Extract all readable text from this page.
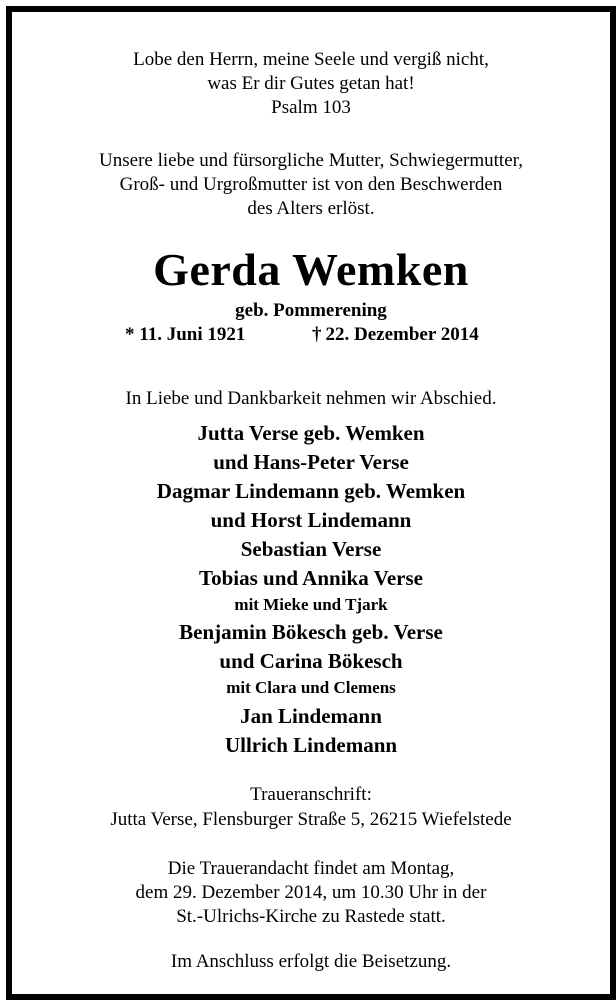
Lobe den Herrn, meine Seele und vergiß nicht,
was Er dir Gutes getan hat!
Psalm 103
Unsere liebe und fürsorgliche Mutter, Schwiegermutter,
Groß- und Urgroßmutter ist von den Beschwerden
des Alters erlöst.
Gerda Wemken
geb. Pommerening
* 11. Juni 1921	† 22. Dezember 2014
In Liebe und Dankbarkeit nehmen wir Abschied.
Jutta Verse geb. Wemken
und Hans-Peter Verse
Dagmar Lindemann geb. Wemken
und Horst Lindemann
Sebastian Verse
Tobias und Annika Verse
mit Mieke und Tjark
Benjamin Bökesch geb. Verse
und Carina Bökesch
mit Clara und Clemens
Jan Lindemann
Ullrich Lindemann
Traueranschrift:
Jutta Verse, Flensburger Straße 5, 26215 Wiefelstede
Die Trauerandacht findet am Montag,
dem 29. Dezember 2014, um 10.30 Uhr in der
St.-Ulrichs-Kirche zu Rastede statt.
Im Anschluss erfolgt die Beisetzung.
